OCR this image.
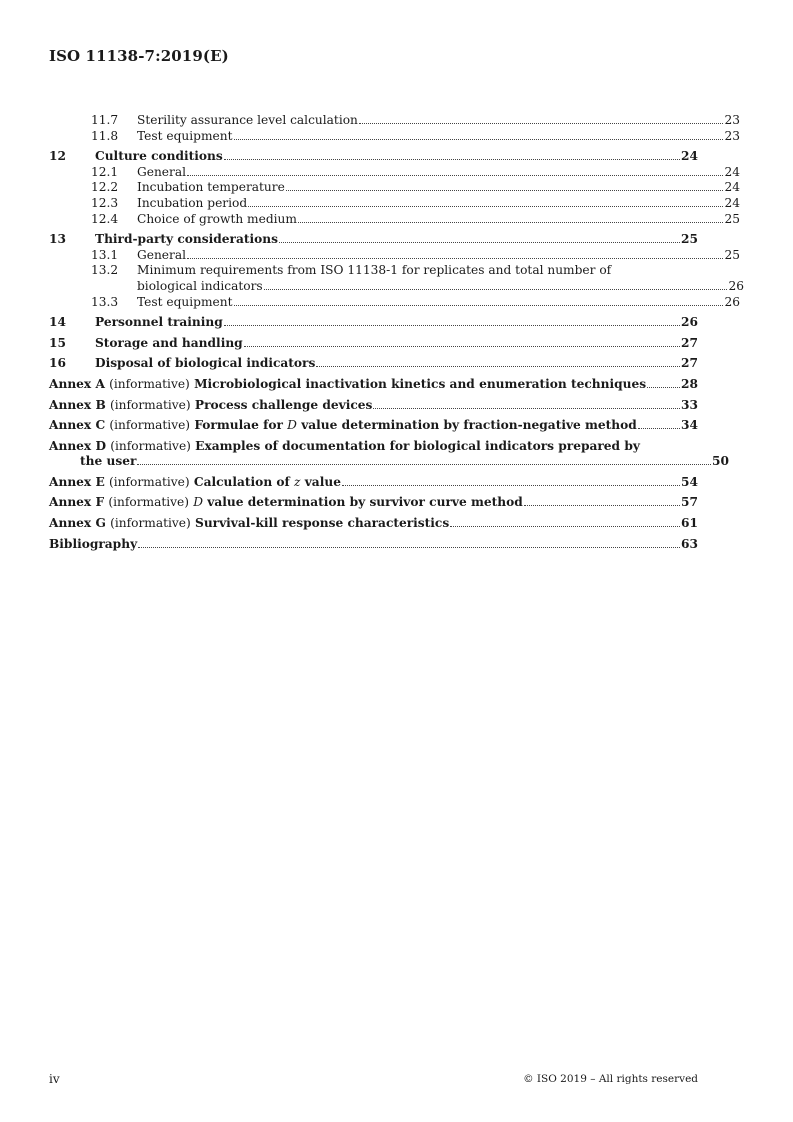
ISO 11138-7:2019(E)
11.7	Sterility assurance level calculation	23
11.8	Test equipment	23
12	Culture conditions	24
12.1	General	24
12.2	Incubation temperature	24
12.3	Incubation period	24
12.4	Choice of growth medium	25
13	Third-party considerations	25
13.1	General	25
13.2	Minimum requirements from ISO 11138-1 for replicates and total number of
biological indicators	26
13.3	Test equipment	26
14	Personnel training	26
15	Storage and handling	27
16	Disposal of biological indicators	27
Annex A (informative) Microbiological inactivation kinetics and enumeration techniques	28
Annex B (informative) Process challenge devices	33
Annex C (informative) Formulae for D value determination by fraction-negative method	34
Annex D (informative) Examples of documentation for biological indicators prepared by
the user	50
Annex E (informative) Calculation of z value	54
Annex F (informative) D value determination by survivor curve method	57
Annex G (informative) Survival-kill response characteristics	61
Bibliography	63
iv	© ISO 2019 – All rights reserved
